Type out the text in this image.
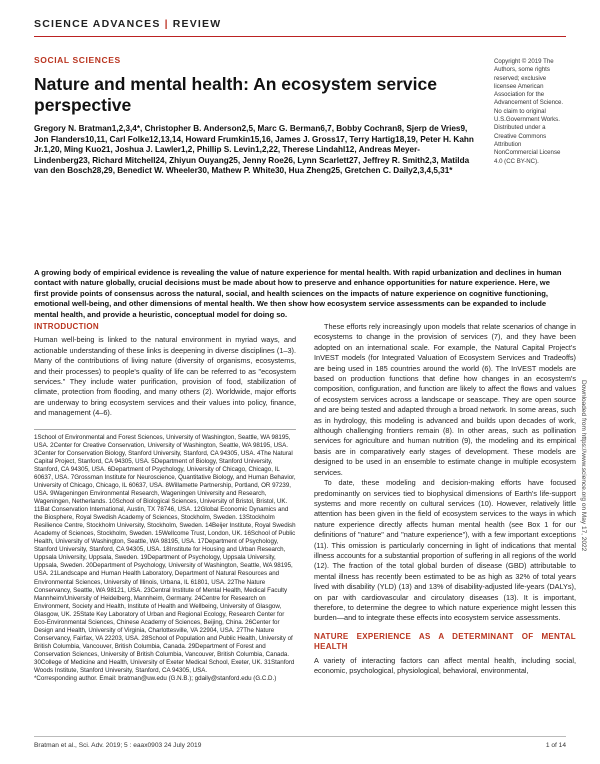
SCIENCE ADVANCES | REVIEW
SOCIAL SCIENCES
Nature and mental health: An ecosystem service perspective
Gregory N. Bratman1,2,3,4*, Christopher B. Anderson2,5, Marc G. Berman6,7, Bobby Cochran8, Sjerp de Vries9, Jon Flanders10,11, Carl Folke12,13,14, Howard Frumkin15,16, James J. Gross17, Terry Hartig18,19, Peter H. Kahn Jr.1,20, Ming Kuo21, Joshua J. Lawler1,2, Phillip S. Levin1,2,22, Therese Lindahl12, Andreas Meyer-Lindenberg23, Richard Mitchell24, Zhiyun Ouyang25, Jenny Roe26, Lynn Scarlett27, Jeffrey R. Smith2,3, Matilda van den Bosch28,29, Benedict W. Wheeler30, Mathew P. White30, Hua Zheng25, Gretchen C. Daily2,3,4,5,31*
Copyright © 2019 The Authors, some rights reserved; exclusive licensee American Association for the Advancement of Science. No claim to original U.S.Government Works. Distributed under a Creative Commons Attribution NonCommercial License 4.0 (CC BY-NC).
A growing body of empirical evidence is revealing the value of nature experience for mental health. With rapid urbanization and declines in human contact with nature globally, crucial decisions must be made about how to preserve and enhance opportunities for nature experience. Here, we first provide points of consensus across the natural, social, and health sciences on the impacts of nature experience on cognitive functioning, emotional well-being, and other dimensions of mental health. We then show how ecosystem service assessments can be expanded to include mental health, and provide a heuristic, conceptual model for doing so.
INTRODUCTION
Human well-being is linked to the natural environment in myriad ways, and actionable understanding of these links is deepening in diverse disciplines (1–3). Many of the contributions of living nature (diversity of organisms, ecosystems, and their processes) to people's quality of life can be referred to as "ecosystem services." They include water purification, provision of food, stabilization of climate, protection from flooding, and many others (2). Worldwide, major efforts are underway to bring ecosystem services and their values into policy, finance, and management (4–6).
1School of Environmental and Forest Sciences, University of Washington, Seattle, WA 98195, USA. 2Center for Creative Conservation, University of Washington, Seattle, WA 98195, USA. 3Center for Conservation Biology, Stanford University, Stanford, CA 94305, USA. 4The Natural Capital Project, Stanford, CA 94305, USA. 5Department of Biology, Stanford University, Stanford, CA 94305, USA. 6Department of Psychology, University of Chicago, Chicago, IL 60637, USA. 7Grossman Institute for Neuroscience, Quantitative Biology, and Human Behavior, University of Chicago, Chicago, IL 60637, USA. 8Willamette Partnership, Portland, OR 97239, USA. 9Wageningen Environmental Research, Wageningen University and Research, Wageningen, Netherlands. 10School of Biological Sciences, University of Bristol, Bristol, UK. 11Bat Conservation International, Austin, TX 78746, USA. 12Global Economic Dynamics and the Biosphere, Royal Swedish Academy of Sciences, Stockholm, Sweden. 13Stockholm Resilience Centre, Stockholm University, Stockholm, Sweden. 14Beijer Institute, Royal Swedish Academy of Sciences, Stockholm, Sweden. 15Wellcome Trust, London, UK. 16School of Public Health, University of Washington, Seattle, WA 98195, USA. 17Department of Psychology, Stanford University, Stanford, CA 94305, USA. 18Institute for Housing and Urban Research, Uppsala University, Uppsala, Sweden. 19Department of Psychology, Uppsala University, Uppsala, Sweden. 20Department of Psychology, University of Washington, Seattle, WA 98195, USA. 21Landscape and Human Health Laboratory, Department of Natural Resources and Environmental Sciences, University of Illinois, Urbana, IL 61801, USA. 22The Nature Conservancy, Seattle, WA 98121, USA. 23Central Institute of Mental Health, Medical Faculty Mannheim/University of Heidelberg, Mannheim, Germany. 24Centre for Research on Environment, Society and Health, Institute of Health and Wellbeing, University of Glasgow, Glasgow, UK. 25State Key Laboratory of Urban and Regional Ecology, Research Center for Eco-Environmental Sciences, Chinese Academy of Sciences, Beijing, China. 26Center for Design and Health, University of Virginia, Charlottesville, VA 22904, USA. 27The Nature Conservancy, Fairfax, VA 22203, USA. 28School of Population and Public Health, University of British Columbia, Vancouver, British Columbia, Canada. 29Department of Forest and Conservation Sciences, University of British Columbia, Vancouver, British Columbia, Canada. 30College of Medicine and Health, University of Exeter Medical School, Exeter, UK. 31Stanford Woods Institute, Stanford University, Stanford, CA 94305, USA.
*Corresponding author. Email: bratman@uw.edu (G.N.B.); gdaily@stanford.edu (G.C.D.)
These efforts rely increasingly upon models that relate scenarios of change in ecosystems to change in the provision of services (7), and they have been adopted on an international scale. For example, the Natural Capital Project's InVEST models (for Integrated Valuation of Ecosystem Services and Tradeoffs) are being used in 185 countries around the world (6). The InVEST models are based on production functions that define how changes in an ecosystem's composition, configuration, and function are likely to affect the flows and values of ecosystem services across a landscape or seascape. They are open source and are being tested and adapted through a broad network. In some areas, such as in hydrology, this modeling is advanced and builds upon decades of work, although challenging frontiers remain (8). In other areas, such as pollination services for agriculture and human nutrition (9), the modeling and its empirical basis are in comparatively early stages of development. These models are designed to be used in an ensemble to estimate change in multiple ecosystem services.
To date, these modeling and decision-making efforts have focused predominantly on services tied to biophysical dimensions of Earth's life-support systems and more recently on cultural services (10). However, relatively little attention has been given in the field of ecosystem services to the ways in which nature experience directly affects human mental health (see Box 1 for our definitions of "nature" and "nature experience"), with a few important exceptions (11). This omission is particularly concerning in light of indications that mental illness accounts for a substantial proportion of suffering in all regions of the world (12). The fraction of the total global burden of disease (GBD) attributable to mental illness has recently been estimated to be as high as 32% of total years lived with disability (YLD) (13) and 13% of disability-adjusted life-years (DALYs), on par with cardiovascular and circulatory diseases (13). It is important, therefore, to determine the degree to which nature experience might lessen this burden—and to integrate these effects into ecosystem service assessments.
NATURE EXPERIENCE AS A DETERMINANT OF MENTAL HEALTH
A variety of interacting factors can affect mental health, including social, economic, psychological, physiological, behavioral, environmental,
Downloaded from https://www.science.org on May 17, 2022
Bratman et al., Sci. Adv. 2019; 5 : eaax0903 24 July 2019	1 of 14
